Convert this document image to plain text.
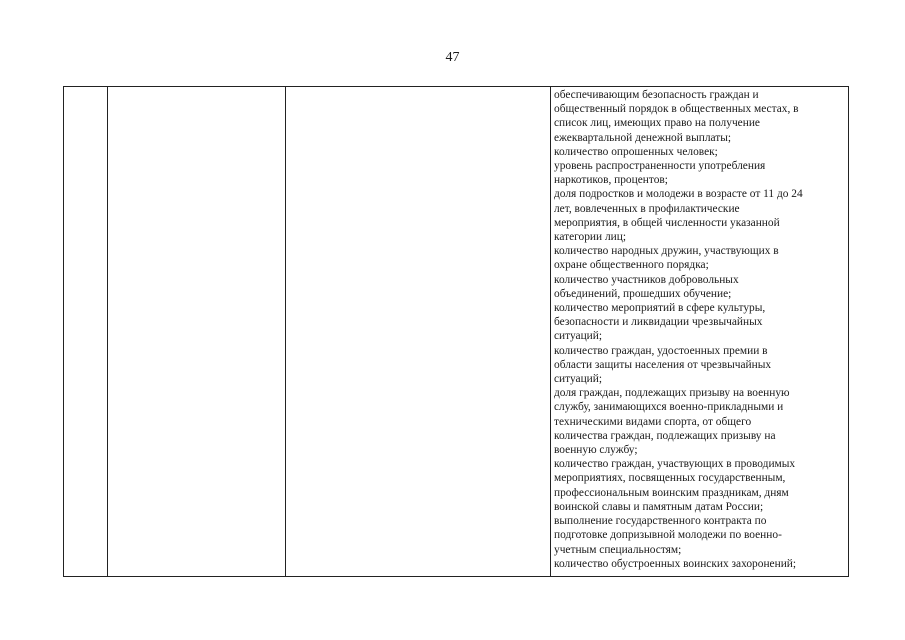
47

обеспечивающим безопасность граждан и
общественный порядок в общественных местах, в
список лиц, имеющих право на получение
ежеквартальной денежной выплаты;

количество опрошенных человек;

уровень распространенности употребления
наркотиков, процентов;

доля подростков и молодежи в возрасте от 11 до 24
лет, вовлеченных в профилактические
мероприятия, в общей численности указанной
категории лиц;

количество народных дружин, участвующих в
охране общественного порядка;

количество участников добровольных
объединений, прошедших обучение;

количество мероприятий в сфере культуры,
безопасности и ликвидации чрезвычайных
ситуаций;

количество граждан, удостоенных премии в
области защиты населения от чрезвычайных
ситуаций;

доля граждан, подлежащих призыву на военную
службу, занимающихся военно-прикладными и
техническими видами спорта, от общего
количества граждан, подлежащих призыву на
военную службу;

количество граждан, участвующих в проводимых
мероприятиях, посвященных государственным,
профессиональным воинским праздникам, дням
воинской славы и памятным датам России;

выполнение государственного контракта по
подготовке допризывной молодежи по военно-
учетным специальностям;

количество обустроенных воинских захоронений;
